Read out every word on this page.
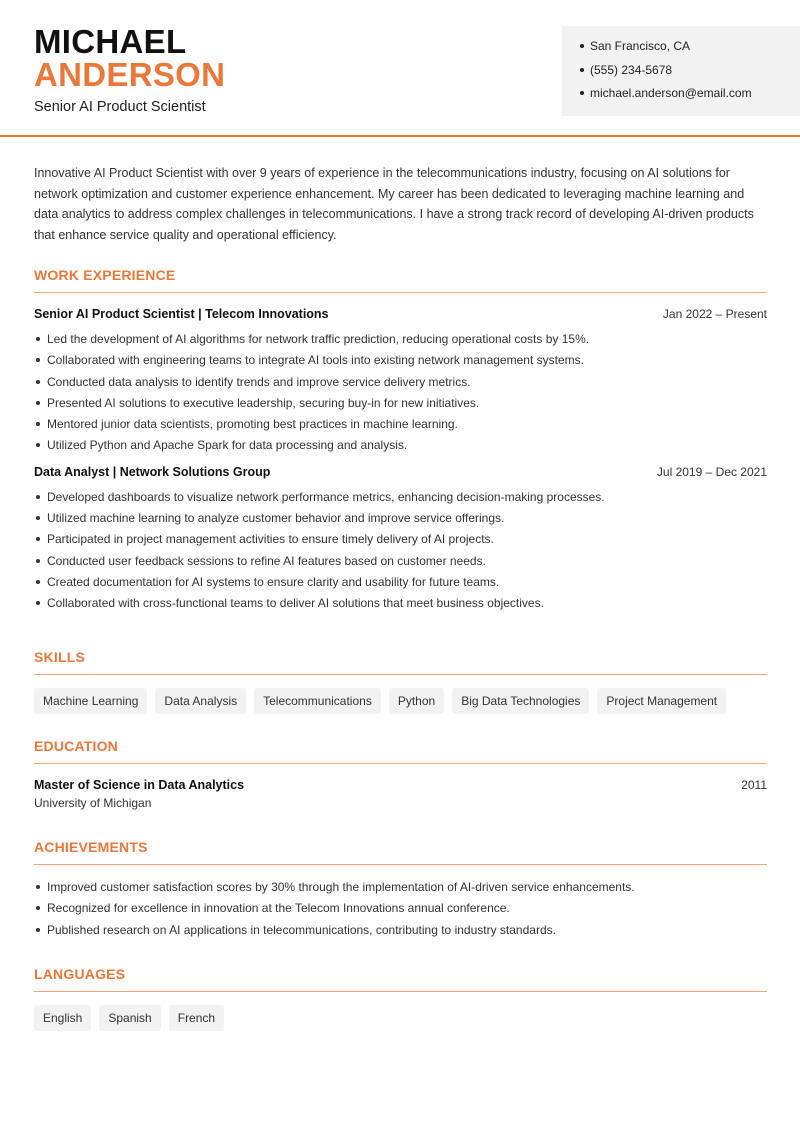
MICHAEL
ANDERSON
Senior AI Product Scientist
San Francisco, CA
(555) 234-5678
michael.anderson@email.com

Innovative AI Product Scientist with over 9 years of experience in the telecommunications industry, focusing on AI solutions for network optimization and customer experience enhancement. My career has been dedicated to leveraging machine learning and data analytics to address complex challenges in telecommunications. I have a strong track record of developing AI-driven products that enhance service quality and operational efficiency.

WORK EXPERIENCE
Senior AI Product Scientist | Telecom Innovations	Jan 2022 – Present
Led the development of AI algorithms for network traffic prediction, reducing operational costs by 15%.
Collaborated with engineering teams to integrate AI tools into existing network management systems.
Conducted data analysis to identify trends and improve service delivery metrics.
Presented AI solutions to executive leadership, securing buy-in for new initiatives.
Mentored junior data scientists, promoting best practices in machine learning.
Utilized Python and Apache Spark for data processing and analysis.
Data Analyst | Network Solutions Group	Jul 2019 – Dec 2021
Developed dashboards to visualize network performance metrics, enhancing decision-making processes.
Utilized machine learning to analyze customer behavior and improve service offerings.
Participated in project management activities to ensure timely delivery of AI projects.
Conducted user feedback sessions to refine AI features based on customer needs.
Created documentation for AI systems to ensure clarity and usability for future teams.
Collaborated with cross-functional teams to deliver AI solutions that meet business objectives.
SKILLS
Machine Learning	Data Analysis	Telecommunications	Python	Big Data Technologies	Project Management
EDUCATION
Master of Science in Data Analytics	2011
University of Michigan
ACHIEVEMENTS
Improved customer satisfaction scores by 30% through the implementation of AI-driven service enhancements.
Recognized for excellence in innovation at the Telecom Innovations annual conference.
Published research on AI applications in telecommunications, contributing to industry standards.
LANGUAGES
English	Spanish	French
